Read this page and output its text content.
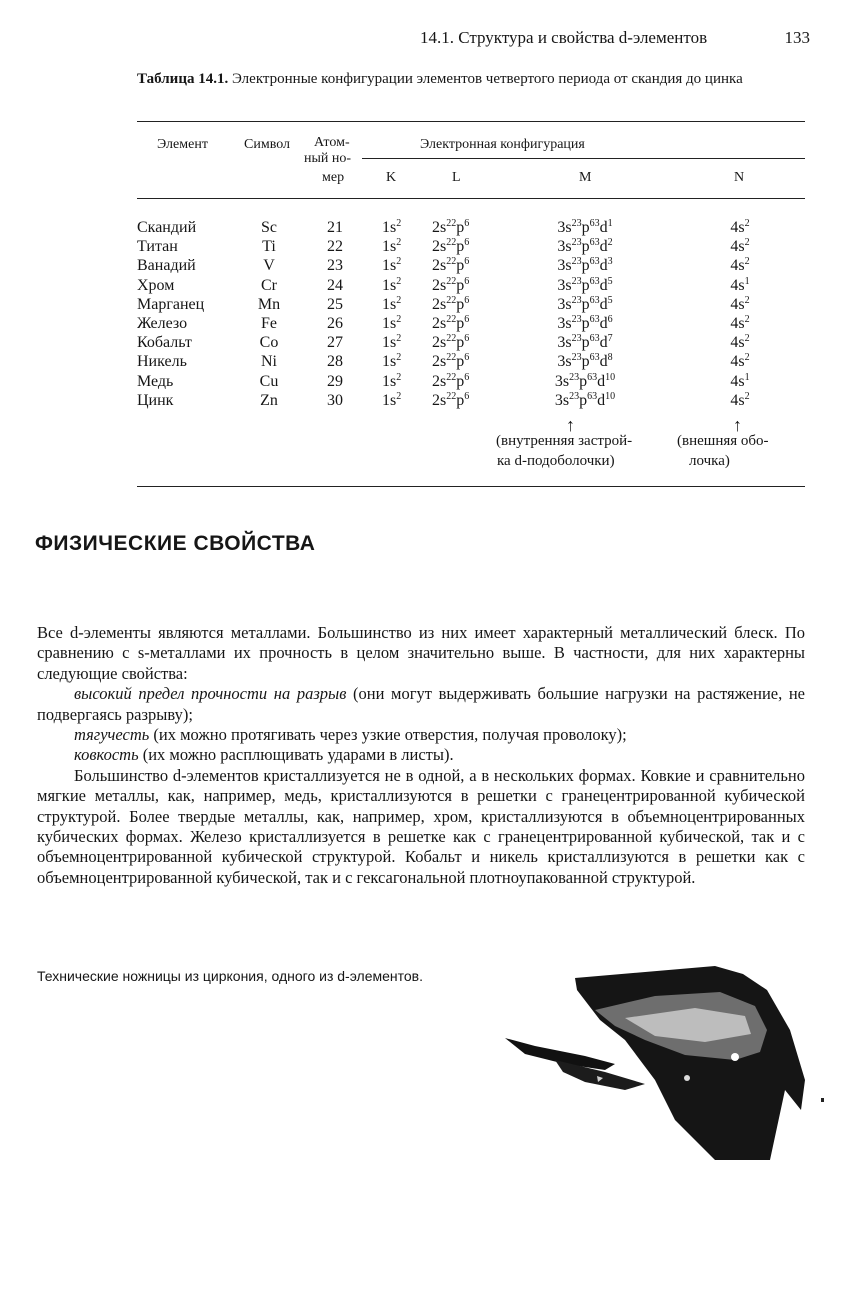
14.1. Структура и свойства d-элементов	133
Таблица 14.1. Электронные конфигурации элементов четвертого периода от скандия до цинка
Элемент	Символ Атом-
ный но-
мер
Электронная конфигурация
K	L	M	N
Скандий	Sc	21	$1s^2$ $2s^{22}p^6$	$3s^{23}p^{63}d^1$	$4s^2$
Титан	Ti	22	$1s^2$ $2s^{22}p^6$	$3s^{23}p^{63}d^2$	$4s^2$
Ванадий	V	23	$1s^2$ $2s^{22}p^6$	$3s^{23}p^{63}d^3$	$4s^2$
Хром	Cr	24	$1s^2$ $2s^{22}p^6$	$3s^{23}p^{63}d^5$	$4s^1$
Марганец	Mn	25	$1s^2$ $2s^{22}p^6$	$3s^{23}p^{63}d^5$	$4s^2$
Железо	Fe	26	$1s^2$ $2s^{22}p^6$	$3s^{23}p^{63}d^6$	$4s^2$
Кобальт	Co	27	$1s^2$ $2s^{22}p^6$	$3s^{23}p^{63}d^7$	$4s^2$
Никель	Ni	28	$1s^2$ $2s^{22}p^6$	$3s^{23}p^{63}d^8$	$4s^2$
Медь	Cu	29	$1s^2$ $2s^{22}p^6$	$3s^{23}p^{63}d^{10}$	$4s^1$
Цинк	Zn	30	$1s^2$ $2s^{22}p^6$	$3s^{23}p^{63}d^{10}$	$4s^2$
↑	↑
(внутренняя застрой-
ка d-подоболочки)
(внешняя обо-
лочка)
ФИЗИЧЕСКИЕ СВОЙСТВА

Все d-элементы являются металлами. Большинство из них имеет характерный металлический блеск. По сравнению с s-металлами их прочность в целом значительно выше. В частности, для них характерны следующие свойства:

высокий предел прочности на разрыв (они могут выдерживать большие нагрузки на растяжение, не подвергаясь разрыву);

тягучесть (их можно протягивать через узкие отверстия, получая проволоку);

ковкость (их можно расплющивать ударами в листы).

Большинство d-элементов кристаллизуется не в одной, а в нескольких формах. Ковкие и сравнительно мягкие металлы, как, например, медь, кристаллизуются в решетки с гранецентрированной кубической структурой. Более твердые металлы, как, например, хром, кристаллизуются в объемноцентрированных кубических формах. Железо кристаллизуется в решетке как с гранецентрированной кубической, так и с объемноцентрированной кубической структурой. Кобальт и никель кристаллизуются в решетки как с объемноцентрированной кубической, так и с гексагональной плотноупакованной структурой.

Технические ножницы из циркония, одного из d-элементов.
